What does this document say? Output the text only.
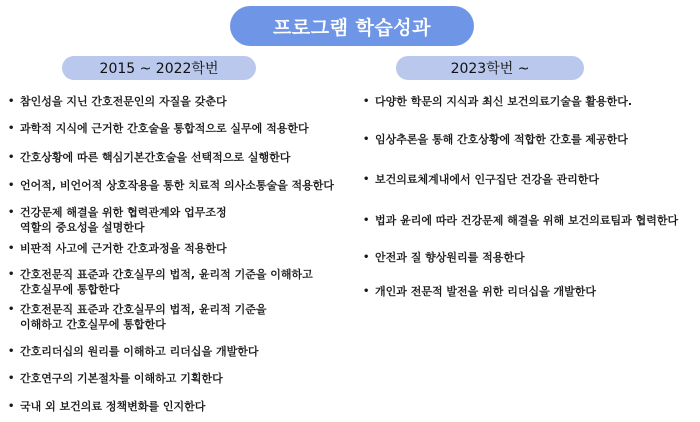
프로그램 학습성과
2015 ~ 2022학번	2023학번 ~
• 참인성을 지닌 간호전문인의 자질을 갖춘다
• 과학적 지식에 근거한 간호술을 통합적으로 실무에 적용한다
• 간호상황에 따른 핵심기본간호술을 선택적으로 실행한다
• 언어적, 비언어적 상호작용을 통한 치료적 의사소통술을 적용한다
• 건강문제 해결을 위한 협력관계와 업무조정
역할의 중요성을 설명한다
• 비판적 사고에 근거한 간호과정을 적용한다
• 간호전문직 표준과 간호실무의 법적, 윤리적 기준을 이해하고
간호실무에 통합한다
• 간호전문직 표준과 간호실무의 법적, 윤리적 기준을
이해하고 간호실무에 통합한다
• 간호리더십의 원리를 이해하고 리더십을 개발한다
• 간호연구의 기본절차를 이해하고 기획한다
• 국내 외 보건의료 정책변화를 인지한다
• 다양한 학문의 지식과 최신 보건의료기술을 활용한다.
• 임상추론을 통해 간호상황에 적합한 간호를 제공한다
• 보건의료체계내에서 인구집단 건강을 관리한다
• 법과 윤리에 따라 건강문제 해결을 위해 보건의료팀과 협력한다
• 안전과 질 향상원리를 적용한다
• 개인과 전문적 발전을 위한 리더십을 개발한다
